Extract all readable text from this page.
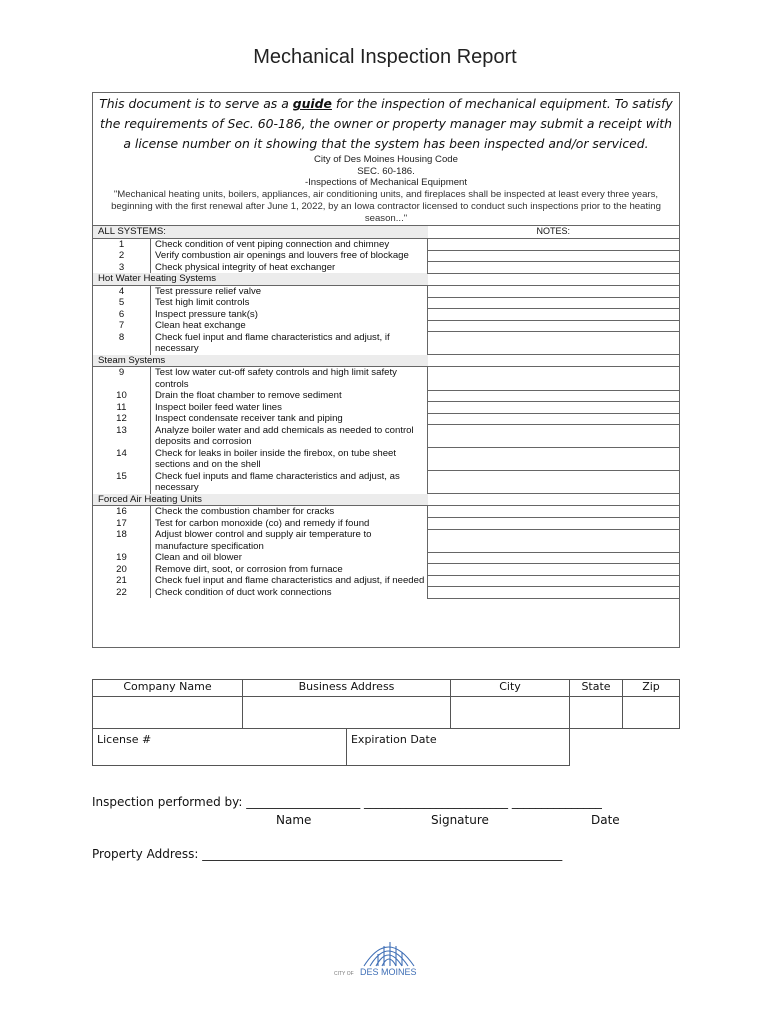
Mechanical Inspection Report
This document is to serve as a guide for the inspection of mechanical equipment. To satisfy the requirements of Sec. 60-186, the owner or property manager may submit a receipt with a license number on it showing that the system has been inspected and/or serviced.
City of Des Moines Housing Code
SEC. 60-186.
-Inspections of Mechanical Equipment
"Mechanical heating units, boilers, appliances, air conditioning units, and fireplaces shall be inspected at least every three years, beginning with the first renewal after June 1, 2022, by an Iowa contractor licensed to conduct such inspections prior to the heating season..."
ALL SYSTEMS:		NOTES:

1	Check condition of vent piping connection and chimney	
2	Verify combustion air openings and louvers free of blockage	
3	Check physical integrity of heat exchanger	
Hot Water Heating Systems		
4	Test pressure relief valve	
5	Test high limit controls	
6	Inspect pressure tank(s)	
7	Clean heat exchange	
8	Check fuel input and flame characteristics and adjust, if necessary	
Steam Systems		
9	Test low water cut-off safety controls and high limit safety controls	
10	Drain the float chamber to remove sediment	
11	Inspect boiler feed water lines	
12	Inspect condensate receiver tank and piping	
13	Analyze boiler water and add chemicals as needed to control deposits and corrosion	
14	Check for leaks in boiler inside the firebox, on tube sheet sections and on the shell	
15	Check fuel inputs and flame characteristics and adjust, as necessary	
Forced Air Heating Units		
16	Check the combustion chamber for cracks	
17	Test for carbon monoxide (co) and remedy if found	
18	Adjust blower control and supply air temperature to manufacture specification	
19	Clean and oil blower	
20	Remove dirt, soot, or corrosion from furnace	
21	Check fuel input and flame characteristics and adjust, if needed	
22	Check condition of duct work connections	
Company Name	Business Address		City	State	Zip

License #		Expiration Date			
Inspection performed by: ___________________ ________________________ _______________
Name	Signature	Date
Property Address: ____________________________________________________________
CITY OF DES MOINES
